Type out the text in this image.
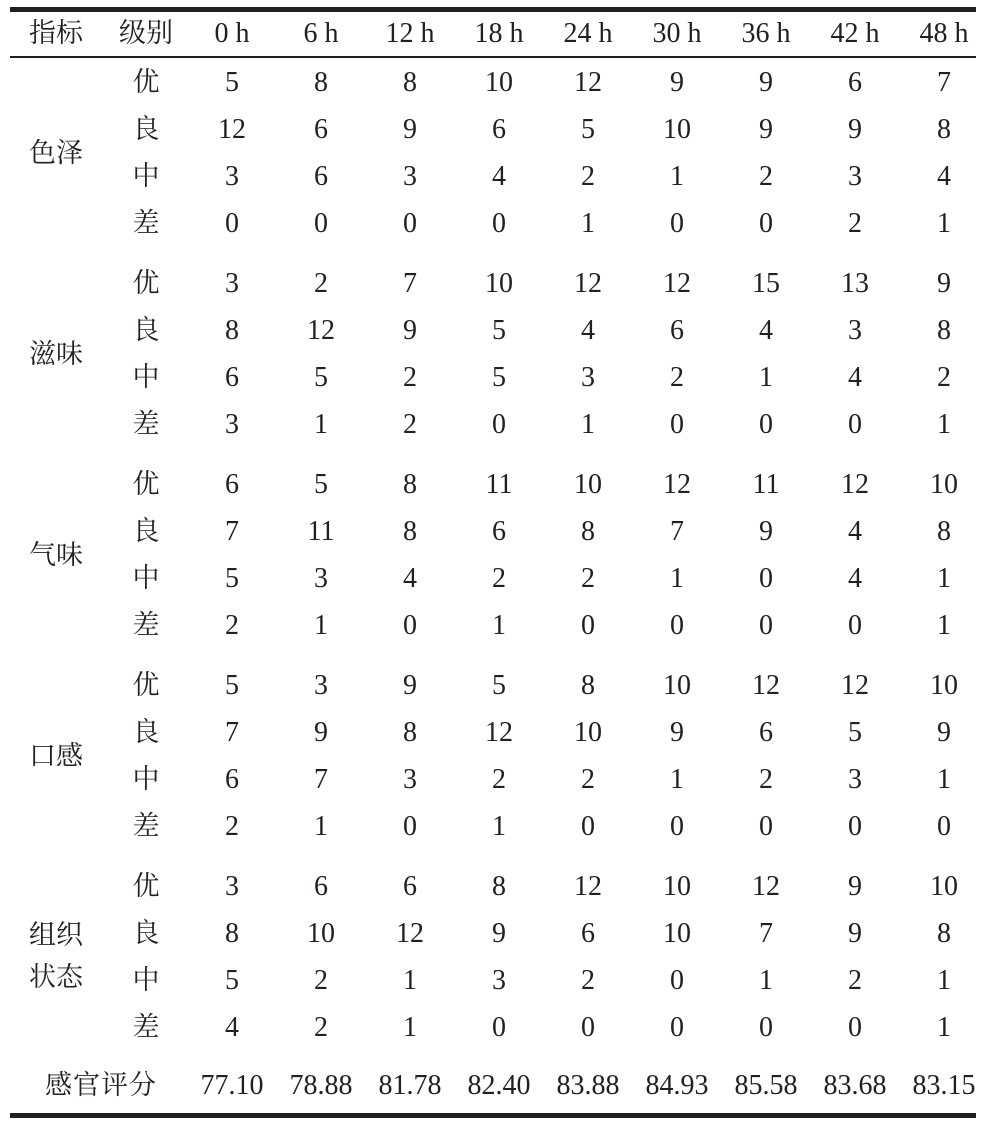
指标	级别	0 h	6 h	12 h	18 h	24 h	30 h	36 h	42 h	48 h
色泽
优	5	8	8	10	12	9	9	6	7
良	12	6	9	6	5	10	9	9	8
中	3	6	3	4	2	1	2	3	4
差	0	0	0	0	1	0	0	2	1
滋味
优	3	2	7	10	12	12	15	13	9
良	8	12	9	5	4	6	4	3	8
中	6	5	2	5	3	2	1	4	2
差	3	1	2	0	1	0	0	0	1
气味
优	6	5	8	11	10	12	11	12	10
良	7	11	8	6	8	7	9	4	8
中	5	3	4	2	2	1	0	4	1
差	2	1	0	1	0	0	0	0	1
口感
优	5	3	9	5	8	10	12	12	10
良	7	9	8	12	10	9	6	5	9
中	6	7	3	2	2	1	2	3	1
差	2	1	0	1	0	0	0	0	0
组织
状态
优	3	6	6	8	12	10	12	9	10
良	8	10	12	9	6	10	7	9	8
中	5	2	1	3	2	0	1	2	1
差	4	2	1	0	0	0	0	0	1
感官评分	77.10 78.88 81.78 82.40 83.88 84.93 85.58 83.68 83.15
